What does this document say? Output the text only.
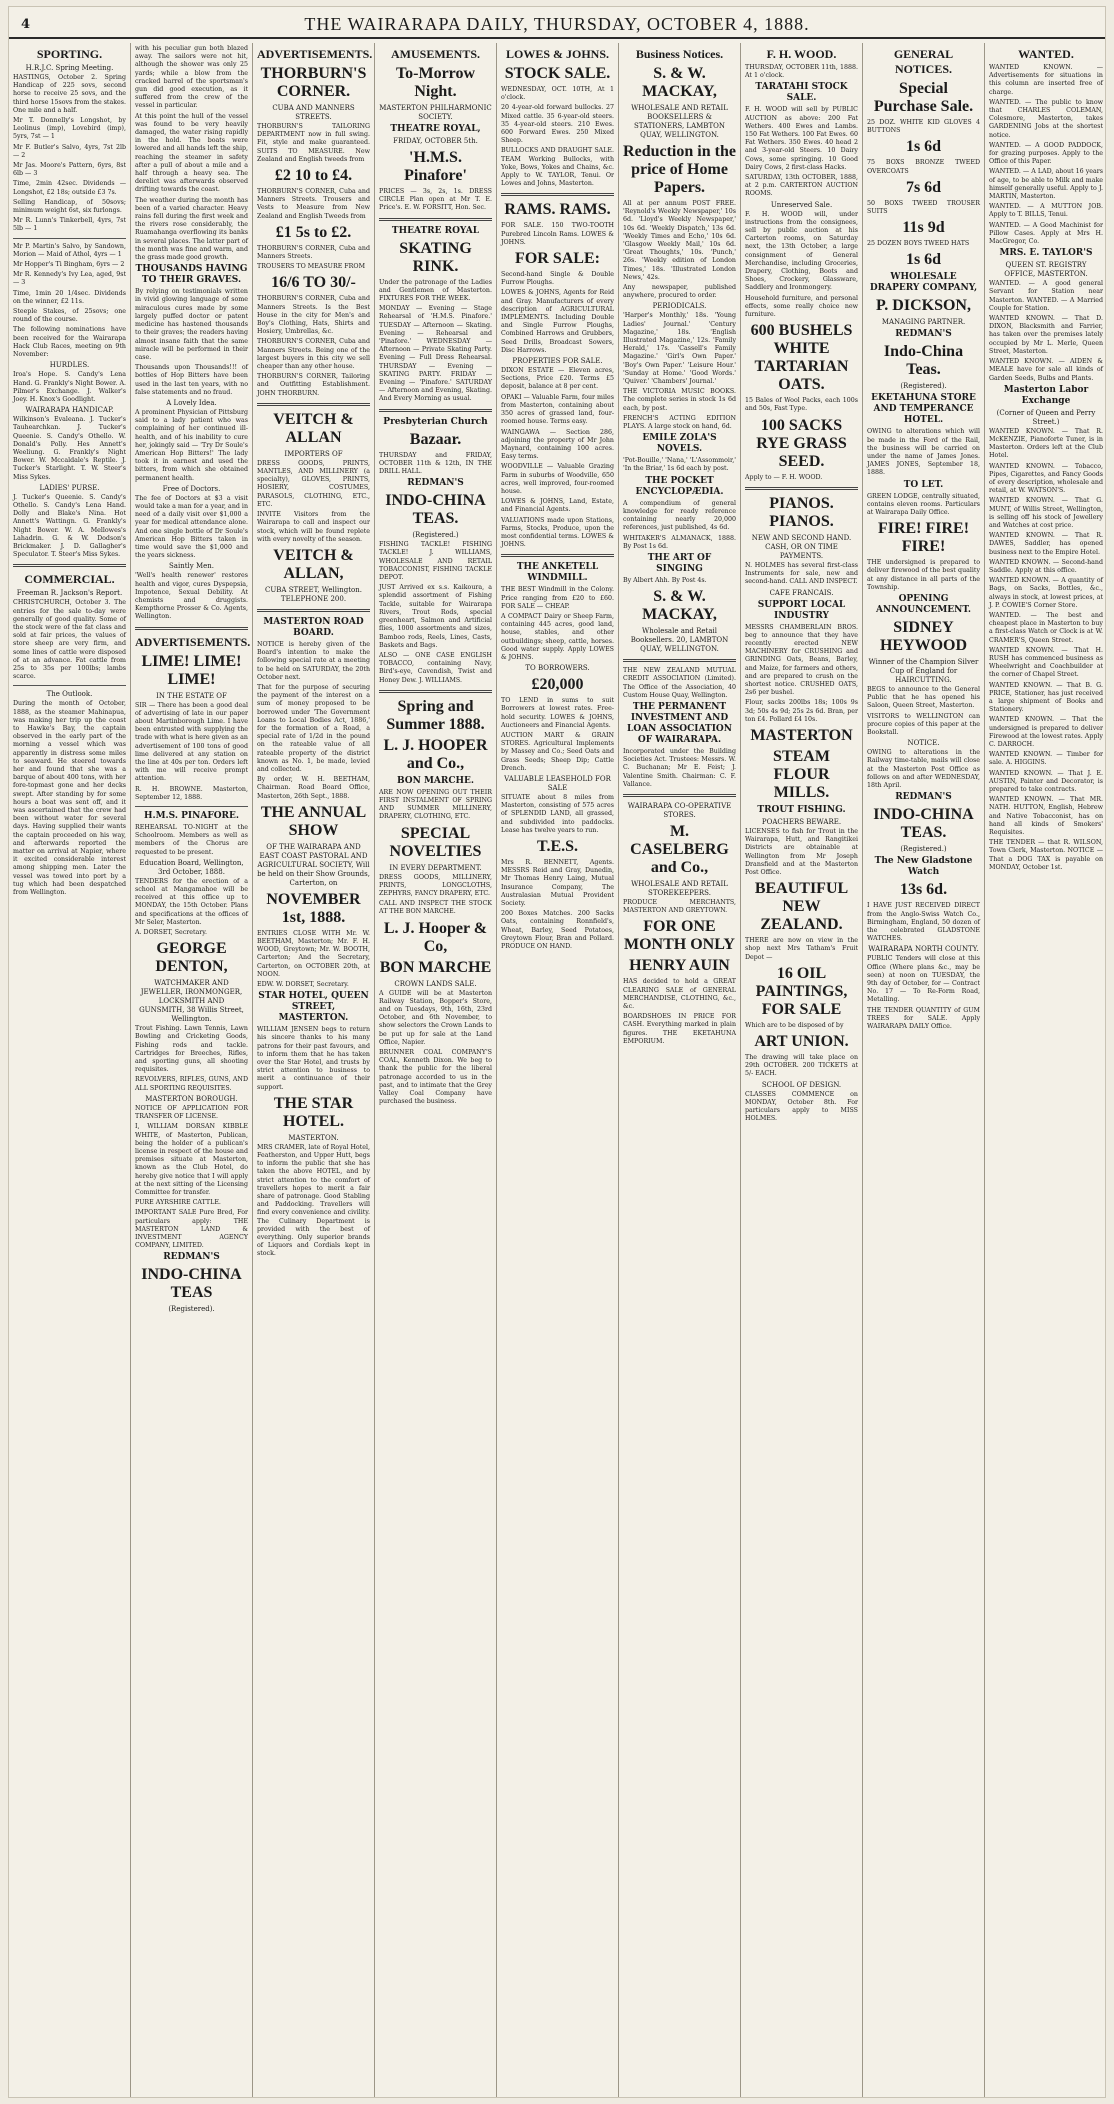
4	THE WAIRARAPA DAILY, THURSDAY, OCTOBER 4, 1888.
SPORTING.
H.R.J.C. Spring Meeting.

HASTINGS, October 2. Spring Handicap of 225 sovs, second horse to receive 25 sovs, and the third horse 15sovs from the stakes. One mile and a half.

Mr T. Donnelly's Longshot, by Leolinus (imp), Lovebird (imp), 5yrs, 7st — 1

Mr F. Butler's Salvo, 4yrs, 7st 2lb — 2

Mr Jas. Moore's Pattern, 6yrs, 8st 6lb — 3

Time, 2min 42sec. Dividends — Longshot, £2 18s; outside £3 7s.

Selling Handicap, of 50sovs; minimum weight 6st, six furlongs.

Mr R. Lunn's Tinkerbell, 4yrs, 7st 5lb — 1

Mr P. Martin's Salvo, by Sandown, Morion — Maid of Athol, 4yrs — 1

Mr Hopper's Ti Bingham, 6yrs — 2

Mr R. Kennedy's Ivy Lea, aged, 9st — 3

Time, 1min 20 1/4sec. Dividends on the winner, £2 11s.

Steeple Stakes, of 25sovs; one round of the course.

The following nominations have been received for the Wairarapa Hack Club Races, meeting on 9th November:

HURDLES.

Iroa's Hope. S. Candy's Lena Hand. G. Frankly's Night Bower. A. Pilmer's Exchange. J. Walker's Joey. H. Knox's Goodlight.

WAIRARAPA HANDICAP.

Wilkinson's Evaleana. J. Tucker's Tauhearchkan. J. Tucker's Queenie. S. Candy's Othello. W. Donald's Polly. Hes Annett's Weeliung. G. Frankly's Night Bower. W. Mccaldale's Reptile. J. Tucker's Starlight. T. W. Steer's Miss Sykes.

LADIES' PURSE.

J. Tucker's Queenie. S. Candy's Othello. S. Candy's Lena Hand. Dolly and Blake's Nina. Hot Annett's Wattingn. G. Frankly's Night Bower. W. A. Mellowes's Lahadrin. G. & W. Dodson's Brickmaker. J. D. Gallagher's Speculator. T. Steer's Miss Sykes.

COMMERCIAL.
Freeman R. Jackson's Report.

CHRISTCHURCH, October 3. The entries for the sale to-day were generally of good quality. Some of the stock were of the fat class and sold at fair prices, the values of store sheep are very firm, and some lines of cattle were disposed of at an advance. Fat cattle from 25s to 35s per 100lbs; lambs scarce.

The Outlook.

During the month of October, 1888, as the steamer Mahinapua, was making her trip up the coast to Hawke's Bay, the captain observed in the early part of the morning a vessel which was apparently in distress some miles to seaward. He steered towards her and found that she was a barque of about 400 tons, with her fore-topmast gone and her decks swept. After standing by for some hours a boat was sent off, and it was ascertained that the crew had been without water for several days. Having supplied their wants the captain proceeded on his way, and afterwards reported the matter on arrival at Napier, where it excited considerable interest among shipping men. Later the vessel was towed into port by a tug which had been despatched from Wellington.

with his peculiar gun both blazed away. The sailors were not hit, although the shower was only 25 yards; while a blow from the cracked barrel of the sportsman's gun did good execution, as it suffered from the crew of the vessel in particular.

At this point the hull of the vessel was found to be very heavily damaged, the water rising rapidly in the hold. The boats were lowered and all hands left the ship, reaching the steamer in safety after a pull of about a mile and a half through a heavy sea. The derelict was afterwards observed drifting towards the coast.

The weather during the month has been of a varied character. Heavy rains fell during the first week and the rivers rose considerably, the Ruamahanga overflowing its banks in several places. The latter part of the month was fine and warm, and the grass made good growth.

THOUSANDS HAVING TO THEIR GRAVES.

By relying on testimonials written in vivid glowing language of some miraculous cures made by some largely puffed doctor or patent medicine has hastened thousands to their graves; the readers having almost insane faith that the same miracle will be performed in their case.

Thousands upon Thousands!!! of bottles of Hop Bitters have been used in the last ten years, with no false statements and no fraud.

A Lovely Idea.

A prominent Physician of Pittsburg said to a lady patient who was complaining of her continued ill-health, and of his inability to cure her, jokingly said — 'Try Dr Soule's American Hop Bitters!' The lady took it in earnest and used the bitters, from which she obtained permanent health.

Free of Doctors.

The fee of Doctors at $3 a visit would take a man for a year, and in need of a daily visit over $1,000 a year for medical attendance alone. And one single bottle of Dr Soule's American Hop Bitters taken in time would save the $1,000 and the years sickness.

Saintly Men.

'Well's health renewer' restores health and vigor, cures Dyspepsia, Impotence, Sexual Debility. At chemists and druggists. Kempthorne Prosser & Co. Agents, Wellington.

ADVERTISEMENTS.
LIME! LIME! LIME!
IN THE ESTATE OF

SIR — There has been a good deal of advertising of late in our paper about Martinborough Lime. I have been entrusted with supplying the trade with what is here given as an advertisement of 100 tons of good lime delivered at any station on the line at 40s per ton. Orders left with me will receive prompt attention.

R. H. BROWNE. Masterton, September 12, 1888.

H.M.S. PINAFORE.

REHEARSAL TO-NIGHT at the Schoolroom. Members as well as members of the Chorus are requested to be present.

Education Board, Wellington, 3rd October, 1888.

TENDERS for the erection of a school at Mangamahoe will be received at this office up to MONDAY, the 15th October. Plans and specifications at the offices of Mr Seler, Masterton.

A. DORSET, Secretary.

GEORGE DENTON,
WATCHMAKER AND JEWELLER, IRONMONGER, LOCKSMITH AND GUNSMITH, 38 Willis Street, Wellington.

Trout Fishing. Lawn Tennis, Lawn Bowling and Cricketing Goods, Fishing rods and tackle. Cartridges for Breeches, Rifles, and sporting guns, all shooting requisites.

REVOLVERS, RIFLES, GUNS, AND ALL SPORTING REQUISITES.

MASTERTON BOROUGH.

NOTICE OF APPLICATION FOR TRANSFER OF LICENSE.

I, WILLIAM DORSAN KIBBLE WHITE, of Masterton, Publican, being the holder of a publican's license in respect of the house and premises situate at Masterton, known as the Club Hotel, do hereby give notice that I will apply at the next sitting of the Licensing Committee for transfer.

PURE AYRSHIRE CATTLE.

IMPORTANT SALE Pure Bred, For particulars apply: THE MASTERTON LAND & INVESTMENT AGENCY COMPANY, LIMITED.

REDMAN'S
INDO-CHINA TEAS
(Registered).
ADVERTISEMENTS.
THORBURN'S CORNER.
CUBA AND MANNERS STREETS.

THORBURN'S TAILORING DEPARTMENT now in full swing. Fit, style and make guaranteed. SUITS TO MEASURE. New Zealand and English tweeds from

£2 10 to £4.

THORBURN'S CORNER, Cuba and Manners Streets. Trousers and Vests to Measure from New Zealand and English Tweeds from

£1 5s to £2.

THORBURN'S CORNER, Cuba and Manners Streets.

TROUSERS TO MEASURE FROM

16/6 TO 30/-

THORBURN'S CORNER, Cuba and Manners Streets. Is the Best House in the city for Men's and Boy's Clothing, Hats, Shirts and Hosiery, Umbrellas, &c.

THORBURN'S CORNER, Cuba and Manners Streets. Being one of the largest buyers in this city we sell cheaper than any other house.

THORBURN'S CORNER, Tailoring and Outfitting Establishment. JOHN THORBURN.

VEITCH & ALLAN
IMPORTERS OF

DRESS GOODS, PRINTS, MANTLES, AND MILLINERY (a specialty), GLOVES, PRINTS, HOSIERY, COSTUMES, PARASOLS, CLOTHING, ETC., ETC.

INVITE Visitors from the Wairarapa to call and inspect our stock, which will be found replete with every novelty of the season.

VEITCH & ALLAN,
CUBA STREET, Wellington. TELEPHONE 200.
MASTERTON ROAD BOARD.

NOTICE is hereby given of the Board's intention to make the following special rate at a meeting to be held on SATURDAY, the 20th October next.

That for the purpose of securing the payment of the interest on a sum of money proposed to be borrowed under 'The Government Loans to Local Bodies Act, 1886,' for the formation of a Road, a special rate of 1/2d in the pound on the rateable value of all rateable property of the district known as No. 1, be made, levied and collected.

By order, W. H. BEETHAM, Chairman. Road Board Office, Masterton, 26th Sept., 1888.

THE ANNUAL SHOW
OF THE WAIRARAPA AND EAST COAST PASTORAL AND AGRICULTURAL SOCIETY, Will be held on their Show Grounds, Carterton, on
NOVEMBER 1st, 1888.

ENTRIES CLOSE WITH Mr. W. BEETHAM, Masterton; Mr. F. H. WOOD, Greytown; Mr. W. BOOTH, Carterton; And the Secretary, Carterton, on OCTOBER 20th, at NOON.

EDW. W. DORSET, Secretary.

STAR HOTEL, QUEEN STREET, MASTERTON.

WILLIAM JENSEN begs to return his sincere thanks to his many patrons for their past favours, and to inform them that he has taken over the Star Hotel, and trusts by strict attention to business to merit a continuance of their support.

THE STAR HOTEL.
MASTERTON.

MRS CRAMER, late of Royal Hotel, Featherston, and Upper Hutt, begs to inform the public that she has taken the above HOTEL, and by strict attention to the comfort of travellers hopes to merit a fair share of patronage. Good Stabling and Paddocking. Travellers will find every convenience and civility. The Culinary Department is provided with the best of everything. Only superior brands of Liquors and Cordials kept in stock.

AMUSEMENTS.
To-Morrow Night.
MASTERTON PHILHARMONIC SOCIETY.
THEATRE ROYAL,
FRIDAY, OCTOBER 5th.
'H.M.S. Pinafore'

PRICES — 3s, 2s, 1s. DRESS CIRCLE Plan open at Mr T. E. Price's. E. W. FORSITT, Hon. Sec.

THEATRE ROYAL
SKATING RINK.

Under the patronage of the Ladies and Gentlemen of Masterton. FIXTURES FOR THE WEEK.

MONDAY — Evening — Stage Rehearsal of 'H.M.S. Pinafore.' TUESDAY — Afternoon — Skating. Evening — Rehearsal and 'Pinafore.' WEDNESDAY — Afternoon — Private Skating Party. Evening — Full Dress Rehearsal. THURSDAY — Evening — SKATING PARTY. FRIDAY — Evening — 'Pinafore.' SATURDAY — Afternoon and Evening, Skating. And Every Morning as usual.

Presbyterian Church
Bazaar.

THURSDAY and FRIDAY, OCTOBER 11th & 12th, IN THE DRILL HALL.

REDMAN'S
INDO-CHINA TEAS.
(Registered.)

FISHING TACKLE! FISHING TACKLE! J. WILLIAMS, WHOLESALE AND RETAIL TOBACCONIST, FISHING TACKLE DEPOT.

JUST Arrived ex s.s. Kaikoura, a splendid assortment of Fishing Tackle, suitable for Wairarapa Rivers, Trout Rods, special greenheart, Salmon and Artificial flies, 1000 assortments and sizes, Bamboo rods, Reels, Lines, Casts, Baskets and Bags.

ALSO — ONE CASE ENGLISH TOBACCO, containing Navy, Bird's-eye, Cavendish, Twist and Honey Dew. J. WILLIAMS.

Spring and Summer 1888.
L. J. HOOPER and Co.,
BON MARCHE.

ARE NOW OPENING OUT THEIR FIRST INSTALMENT OF SPRING AND SUMMER MILLINERY, DRAPERY, CLOTHING, ETC.

SPECIAL NOVELTIES
IN EVERY DEPARTMENT.

DRESS GOODS, MILLINERY, PRINTS, LONGCLOTHS, ZEPHYRS, FANCY DRAPERY, ETC.

CALL AND INSPECT THE STOCK AT THE BON MARCHE.

L. J. Hooper & Co,
BON MARCHE
CROWN LANDS SALE.

A GUIDE will be at Masterton Railway Station, Bopper's Store, and on Tuesdays, 9th, 16th, 23rd October, and 6th November, to show selectors the Crown Lands to be put up for sale at the Land Office, Napier.

BRUNNER COAL COMPANY'S COAL, Kenneth Dixon. We beg to thank the public for the liberal patronage accorded to us in the past, and to intimate that the Grey Valley Coal Company have purchased the business.

LOWES & JOHNS.
STOCK SALE.

WEDNESDAY, OCT. 10TH, At 1 o'clock.

20 4-year-old forward bullocks. 27 Mixed cattle. 35 6-year-old steers. 35 4-year-old steers. 210 Ewes. 600 Forward Ewes. 250 Mixed Sheep.

BULLOCKS AND DRAUGHT SALE. TEAM Working Bullocks, with Yoke, Bows, Yokes and Chains, &c. Apply to W. TAYLOR, Tenui. Or Lowes and Johns, Masterton.

RAMS. RAMS.

FOR SALE. 150 TWO-TOOTH Purebred Lincoln Rams. LOWES & JOHNS.

FOR SALE:

Second-hand Single & Double Furrow Ploughs.

LOWES & JOHNS, Agents for Reid and Gray. Manufacturers of every description of AGRICULTURAL IMPLEMENTS. Including Double and Single Furrow Ploughs, Combined Harrows and Grubbers, Seed Drills, Broadcast Sowers, Disc Harrows.

PROPERTIES FOR SALE.

DIXON ESTATE — Eleven acres, Sections, Price £20. Terms £5 deposit, balance at 8 per cent.

OPAKI — Valuable Farm, four miles from Masterton, containing about 350 acres of grassed land, four-roomed house. Terms easy.

WAINGAWA — Section 286, adjoining the property of Mr John Maynard, containing 100 acres. Easy terms.

WOODVILLE — Valuable Grazing Farm in suburbs of Woodville, 650 acres, well improved, four-roomed house.

LOWES & JOHNS, Land, Estate, and Financial Agents.

VALUATIONS made upon Stations, Farms, Stocks, Produce, upon the most confidential terms. LOWES & JOHNS.

THE ANKETELL WINDMILL.

THE BEST Windmill in the Colony. Price ranging from £20 to £60. FOR SALE — CHEAP.

A COMPACT Dairy or Sheep Farm, containing 445 acres, good land, house, stables, and other outbuildings; sheep, cattle, horses. Good water supply. Apply LOWES & JOHNS.

TO BORROWERS.
£20,000

TO LEND in sums to suit Borrowers at lowest rates. Free-hold security. LOWES & JOHNS, Auctioneers and Financial Agents.

AUCTION MART & GRAIN STORES. Agricultural Implements by Massey and Co.; Seed Oats and Grass Seeds; Sheep Dip; Cattle Drench.

VALUABLE LEASEHOLD FOR SALE

SITUATE about 8 miles from Masterton, consisting of 575 acres of SPLENDID LAND, all grassed, and subdivided into paddocks. Lease has twelve years to run.

T.E.S.

Mrs R. BENNETT, Agents. MESSRS Reid and Gray, Dunedin, Mr Thomas Henry Laing, Mutual Insurance Company, The Australasian Mutual Provident Society.

200 Boxes Matches. 200 Sacks Oats, containing Ronnfield's, Wheat, Barley, Seed Potatoes, Greytown Flour, Bran and Pollard. PRODUCE ON HAND.

Business Notices.
S. & W. MACKAY,
WHOLESALE AND RETAIL BOOKSELLERS & STATIONERS, LAMBTON QUAY, WELLINGTON.
Reduction in the price of Home Papers.

All at per annum POST FREE. 'Reynold's Weekly Newspaper,' 10s 6d. 'Lloyd's Weekly Newspaper,' 10s 6d. 'Weekly Dispatch,' 13s 6d. 'Weekly Times and Echo,' 10s 6d. 'Glasgow Weekly Mail,' 10s 6d. 'Great Thoughts,' 10s. 'Punch,' 26s. 'Weekly edition of London Times,' 18s. 'Illustrated London News,' 42s.

Any newspaper, published anywhere, procured to order.

PERIODICALS.

'Harper's Monthly,' 18s. 'Young Ladies' Journal.' 'Century Magazine,' 18s. 'English Illustrated Magazine,' 12s. 'Family Herald,' 17s. 'Cassell's Family Magazine.' 'Girl's Own Paper.' 'Boy's Own Paper.' 'Leisure Hour.' 'Sunday at Home.' 'Good Words.' 'Quiver.' 'Chambers' Journal.'

THE VICTORIA MUSIC BOOKS. The complete series in stock 1s 6d each, by post.

FRENCH'S ACTING EDITION PLAYS. A large stock on hand, 6d.

EMILE ZOLA'S NOVELS.

'Pot-Bouille,' 'Nana,' 'L'Assommoir,' 'In the Briar,' 1s 6d each by post.

THE POCKET ENCYCLOPÆDIA.

A compendium of general knowledge for ready reference containing nearly 20,000 references, just published, 4s 6d.

WHITAKER'S ALMANACK, 1888. By Post 1s 6d.

THE ART OF SINGING

By Albert Ahh. By Post 4s.

S. & W. MACKAY,
Wholesale and Retail Booksellers. 20, LAMBTON QUAY, WELLINGTON.

THE NEW ZEALAND MUTUAL CREDIT ASSOCIATION (Limited). The Office of the Association, 40 Custom House Quay, Wellington.

THE PERMANENT INVESTMENT AND LOAN ASSOCIATION OF WAIRARAPA.

Incorporated under the Building Societies Act. Trustees: Messrs. W. C. Buchanan; Mr E. Feist; J. Valentine Smith. Chairman: C. F. Vallance.

WAIRARAPA CO-OPERATIVE STORES.
M. CASELBERG and Co.,
WHOLESALE AND RETAIL STOREKEEPERS.

PRODUCE MERCHANTS, MASTERTON AND GREYTOWN.

FOR ONE MONTH ONLY
HENRY AUIN

HAS decided to hold a GREAT CLEARING SALE of GENERAL MERCHANDISE, CLOTHING, &c., &c.

BOARDSHOES IN PRICE FOR CASH. Everything marked in plain figures. THE EKETAHUNA EMPORIUM.

F. H. WOOD.

THURSDAY, OCTOBER 11th, 1888. At 1 o'clock.

TARATAHI STOCK SALE.

F. H. WOOD will sell by PUBLIC AUCTION as above: 200 Fat Wethers. 400 Ewes and Lambs. 150 Fat Wethers. 100 Fat Ewes. 60 Fat Wethers. 350 Ewes. 40 head 2 and 3-year-old Steers. 10 Dairy Cows, some springing. 10 Good Dairy Cows, 2 first-class Hacks.

SATURDAY, 13th OCTOBER, 1888, at 2 p.m. CARTERTON AUCTION ROOMS.

Unreserved Sale.

F. H. WOOD will, under instructions from the consignees, sell by public auction at his Carterton rooms, on Saturday next, the 13th October, a large consignment of General Merchandise, including Groceries, Drapery, Clothing, Boots and Shoes, Crockery, Glassware, Saddlery and Ironmongery.

Household furniture, and personal effects, some really choice new furniture.

600 BUSHELS WHITE TARTARIAN OATS.

15 Bales of Wool Packs, each 100s and 50s, Fast Type.

100 SACKS RYE GRASS SEED.

Apply to — F. H. WOOD.

PIANOS. PIANOS.
NEW AND SECOND HAND. CASH, OR ON TIME PAYMENTS.

N. HOLMES has several first-class Instruments for sale, new and second-hand. CALL AND INSPECT.

CAFE FRANCAIS.
SUPPORT LOCAL INDUSTRY

MESSRS CHAMBERLAIN BROS. beg to announce that they have recently erected NEW MACHINERY for CRUSHING and GRINDING Oats, Beans, Barley, and Maize, for farmers and others, and are prepared to crush on the shortest notice. CRUSHED OATS, 2s6 per bushel.

Flour, sacks 200lbs 18s; 100s 9s 3d; 50s 4s 9d; 25s 2s 6d. Bran, per ton £4. Pollard £4 10s.

MASTERTON
STEAM FLOUR MILLS.
TROUT FISHING.
POACHERS BEWARE.

LICENSES to fish for Trout in the Wairarapa, Hutt, and Rangitikei Districts are obtainable at Wellington from Mr Joseph Dransfield and at the Masterton Post Office.

BEAUTIFUL NEW ZEALAND.

THERE are now on view in the shop next Mrs Tatham's Fruit Depot —

16 OIL PAINTINGS, FOR SALE

Which are to be disposed of by

ART UNION.

The drawing will take place on 29th OCTOBER. 200 TICKETS at 5/- EACH.

SCHOOL OF DESIGN.

CLASSES COMMENCE on MONDAY, October 8th. For particulars apply to MISS HOLMES.

GENERAL NOTICES.
Special Purchase Sale.

25 DOZ. WHITE KID GLOVES 4 BUTTONS

1s 6d

75 BOXS BRONZE TWEED OVERCOATS

7s 6d

50 BOXS TWEED TROUSER SUITS

11s 9d

25 DOZEN BOYS TWEED HATS

1s 6d
WHOLESALE DRAPERY COMPANY,
P. DICKSON,
MANAGING PARTNER.
REDMAN'S
Indo-China Teas.
(Registered).
EKETAHUNA STORE AND TEMPERANCE HOTEL.

OWING to alterations which will be made in the Ford of the Rail, the business will be carried on under the name of James Jones. JAMES JONES, September 18, 1888.

TO LET.

GREEN LODGE, centrally situated, contains eleven rooms. Particulars at Wairarapa Daily Office.

FIRE! FIRE! FIRE!

THE undersigned is prepared to deliver firewood of the best quality at any distance in all parts of the Township.

OPENING ANNOUNCEMENT.
SIDNEY HEYWOOD
Winner of the Champion Silver Cup of England for HAIRCUTTING.

BEGS to announce to the General Public that he has opened his Saloon, Queen Street, Masterton.

VISITORS to WELLINGTON can procure copies of this paper at the Bookstall.

NOTICE.

OWING to alterations in the Railway time-table, mails will close at the Masterton Post Office as follows on and after WEDNESDAY, 18th April.

REDMAN'S
INDO-CHINA TEAS.
(Registered.)
The New Gladstone Watch
13s 6d.

I HAVE JUST RECEIVED DIRECT from the Anglo-Swiss Watch Co., Birmingham, England, 50 dozen of the celebrated GLADSTONE WATCHES.

WAIRARAPA NORTH COUNTY.

PUBLIC Tenders will close at this Office (Where plans &c., may be seen) at noon on TUESDAY, the 9th day of October, for — Contract No. 17 — To Re-Form Road, Metalling.

THE TENDER QUANTITY of GUM TREES for SALE. Apply WAIRARAPA DAILY Office.

WANTED.

WANTED KNOWN. — Advertisements for situations in this column are inserted free of charge.

WANTED. — The public to know that CHARLES COLEMAN, Colesmore, Masterton, takes GARDENING Jobs at the shortest notice.

WANTED. — A GOOD PADDOCK, for grazing purposes. Apply to the Office of this Paper.

WANTED. — A LAD, about 16 years of age, to be able to Milk and make himself generally useful. Apply to J. MARTIN, Masterton.

WANTED. — A MUTTON JOB. Apply to T. BILLS, Tenui.

WANTED. — A Good Machinist for Pillow Cases. Apply at Mrs H. MacGregor, Co.

MRS. E. TAYLOR'S
QUEEN ST. REGISTRY OFFICE, MASTERTON.

WANTED. — A good general Servant for Station near Masterton. WANTED. — A Married Couple for Station.

WANTED KNOWN. — That D. DIXON, Blacksmith and Farrier, has taken over the premises lately occupied by Mr L. Merle, Queen Street, Masterton.

WANTED KNOWN. — AIDEN & MEALE have for sale all kinds of Garden Seeds, Bulbs and Plants.

Masterton Labor Exchange
(Corner of Queen and Perry Street.)

WANTED KNOWN. — That R. McKENZIE, Pianoforte Tuner, is in Masterton. Orders left at the Club Hotel.

WANTED KNOWN. — Tobacco, Pipes, Cigarettes, and Fancy Goods of every description, wholesale and retail, at W. WATSON'S.

WANTED KNOWN. — That G. MUNT, of Willis Street, Wellington, is selling off his stock of Jewellery and Watches at cost price.

WANTED KNOWN. — That R. DAWES, Saddler, has opened business next to the Empire Hotel.

WANTED KNOWN. — Second-hand Saddle. Apply at this office.

WANTED KNOWN. — A quantity of Bags, on Sacks, Bottles, &c., always in stock, at lowest prices, at J. P. COWIE'S Corner Store.

WANTED. — The best and cheapest place in Masterton to buy a first-class Watch or Clock is at W. CRAMER'S, Queen Street.

WANTED KNOWN. — That H. RUSH has commenced business as Wheelwright and Coachbuilder at the corner of Chapel Street.

WANTED KNOWN. — That B. G. PRICE, Stationer, has just received a large shipment of Books and Stationery.

WANTED KNOWN. — That the undersigned is prepared to deliver Firewood at the lowest rates. Apply C. DARROCH.

WANTED KNOWN. — Timber for sale. A. HIGGINS.

WANTED KNOWN. — That J. E. AUSTIN, Painter and Decorator, is prepared to take contracts.

WANTED KNOWN. — That MR. NATH. HUTTON, English, Hebrew and Native Tobacconist, has on hand all kinds of Smokers' Requisites.

THE TENDER — that R. WILSON, Town Clerk, Masterton. NOTICE — That a DOG TAX is payable on MONDAY, October 1st.
